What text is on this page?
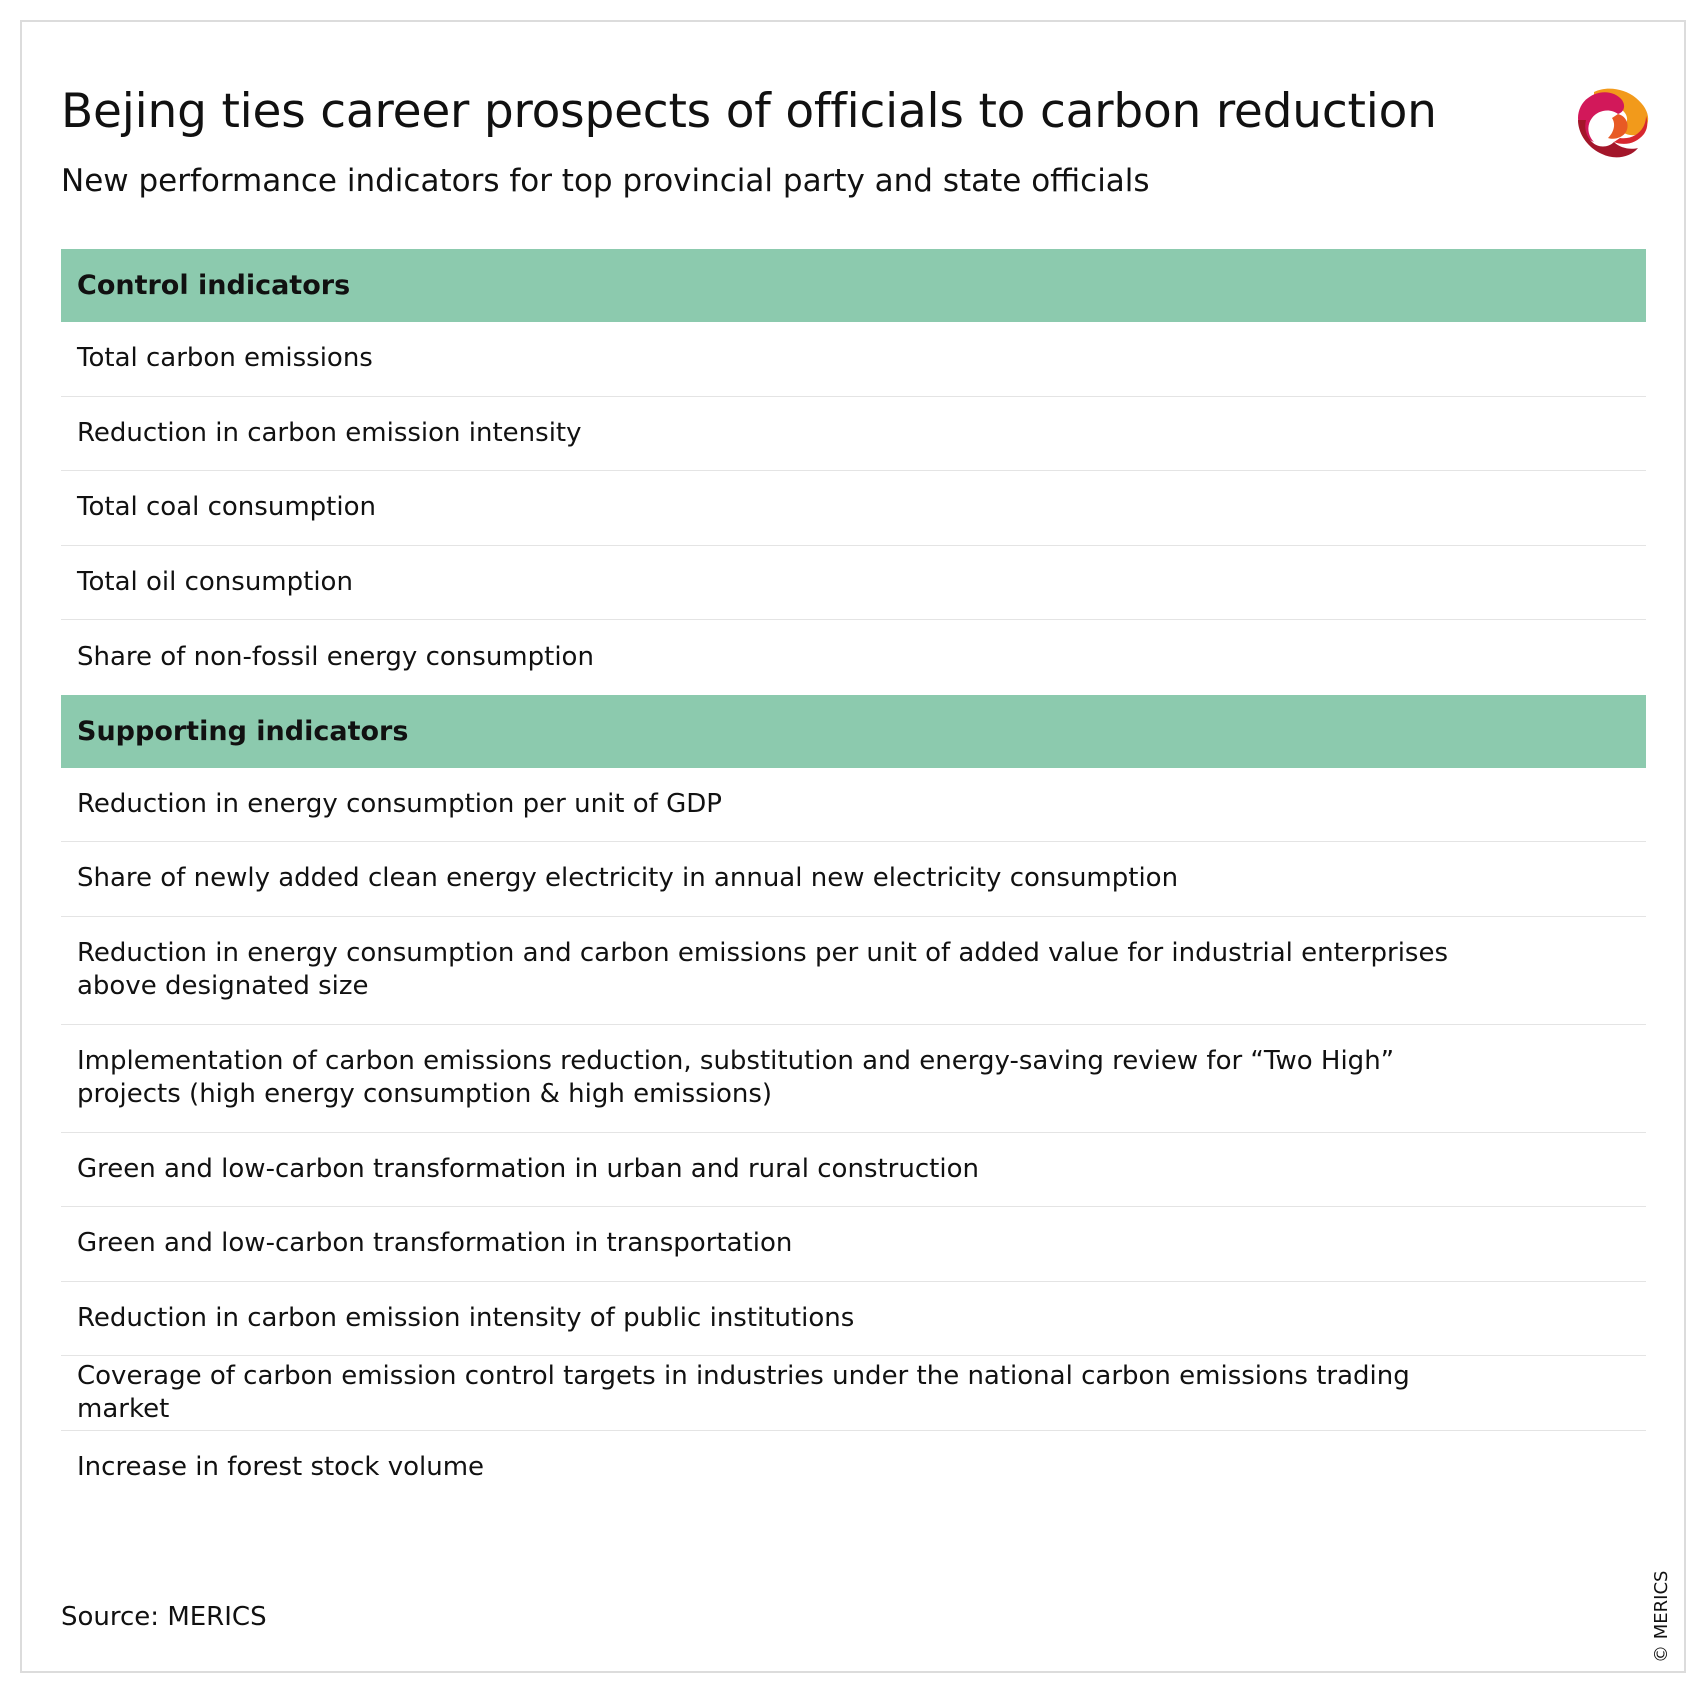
Bejing ties career prospects of officials to carbon reduction
New performance indicators for top provincial party and state officials
Control indicators
Total carbon emissions
Reduction in carbon emission intensity
Total coal consumption
Total oil consumption
Share of non-fossil energy consumption
Supporting indicators
Reduction in energy consumption per unit of GDP
Share of newly added clean energy electricity in annual new electricity consumption
Reduction in energy consumption and carbon emissions per unit of added value for industrial enterprises above designated size
Implementation of carbon emissions reduction, substitution and energy-saving review for “Two High” projects (high energy consumption & high emissions)
Green and low-carbon transformation in urban and rural construction
Green and low-carbon transformation in transportation
Reduction in carbon emission intensity of public institutions
Coverage of carbon emission control targets in industries under the national carbon emissions trading market
Increase in forest stock volume
Source: MERICS	© MERICS
